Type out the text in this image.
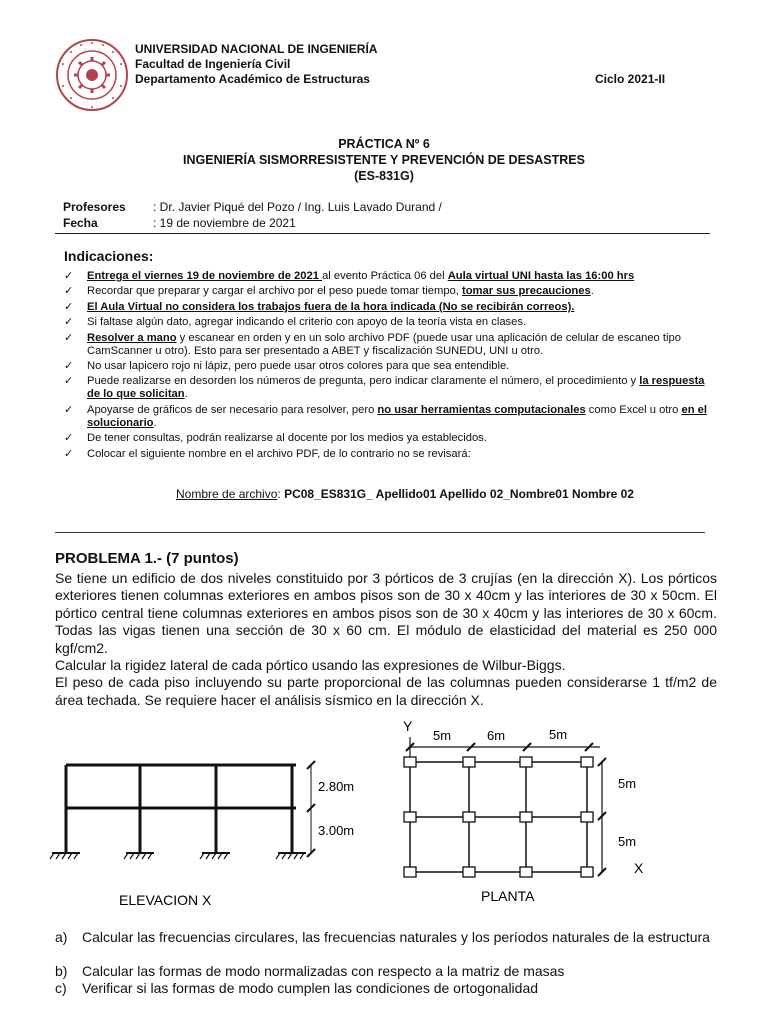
UNIVERSIDAD NACIONAL DE INGENIERÍA
Facultad de Ingeniería Civil
Departamento Académico de Estructuras	Ciclo 2021-II
PRÁCTICA Nº 6
INGENIERÍA SISMORRESISTENTE Y PREVENCIÓN DE DESASTRES
(ES-831G)
Profesores : Dr. Javier Piqué del Pozo / Ing. Luis Lavado Durand /
Fecha	: 19 de noviembre de 2021
Indicaciones:
✓ Entrega el viernes 19 de noviembre de 2021 al evento Práctica 06 del Aula virtual UNI hasta las 16:00 hrs
✓ Recordar que preparar y cargar el archivo por el peso puede tomar tiempo, tomar sus precauciones.
✓ El Aula Virtual no considera los trabajos fuera de la hora indicada (No se recibirán correos).
✓ Si faltase algún dato, agregar indicando el criterio con apoyo de la teoría vista en clases.
✓ Resolver a mano y escanear en orden y en un solo archivo PDF (puede usar una aplicación de celular de escaneo tipo CamScanner u otro). Esto para ser presentado a ABET y fiscalización SUNEDU, UNI u otro.
✓ No usar lapicero rojo ni lápiz, pero puede usar otros colores para que sea entendible.
✓ Puede realizarse en desorden los números de pregunta, pero indicar claramente el número, el procedimiento y la respuesta de lo que solicitan.
✓ Apoyarse de gráficos de ser necesario para resolver, pero no usar herramientas computacionales como Excel u otro en el solucionario.
✓ De tener consultas, podrán realizarse al docente por los medios ya establecidos.
✓ Colocar el siguiente nombre en el archivo PDF, de lo contrario no se revisará:
Nombre de archivo: PC08_ES831G_ Apellido01 Apellido 02_Nombre01 Nombre 02
PROBLEMA 1.- (7 puntos)

Se tiene un edificio de dos niveles constituido por 3 pórticos de 3 crujías (en la dirección X). Los pórticos exteriores tienen columnas exteriores en ambos pisos son de 30 x 40cm y las interiores de 30 x 50cm. El pórtico central tiene columnas exteriores en ambos pisos son de 30 x 40cm y las interiores de 30 x 60cm. Todas las vigas tienen una sección de 30 x 60 cm. El módulo de elasticidad del material es 250 000 kgf/cm2.

Calcular la rigidez lateral de cada pórtico usando las expresiones de Wilbur-Biggs.

El peso de cada piso incluyendo su parte proporcional de las columnas pueden considerarse 1 tf/m2 de área techada. Se requiere hacer el análisis sísmico en la dirección X.

2.80m
3.00m
ELEVACION X
Y
5m	6m	5m
5m
5m
X
PLANTA
a)	Calcular las frecuencias circulares, las frecuencias naturales y los períodos naturales de la estructura
b)	Calcular las formas de modo normalizadas con respecto a la matriz de masas
c)	Verificar si las formas de modo cumplen las condiciones de ortogonalidad
